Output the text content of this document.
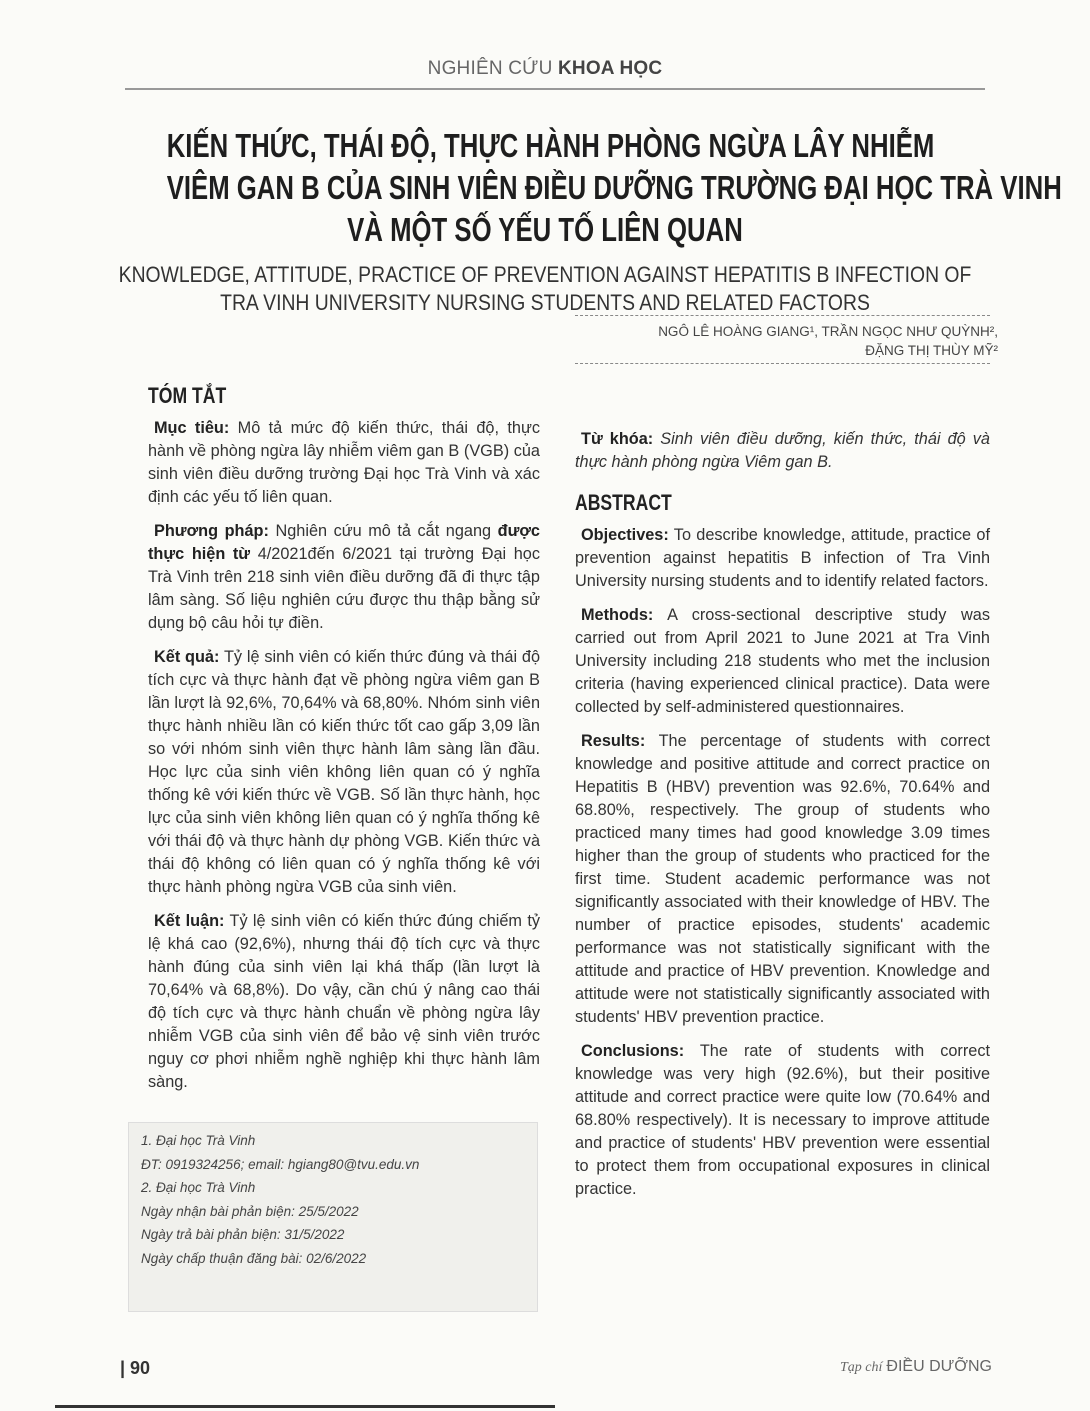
NGHIÊN CỨU KHOA HỌC
KIẾN THỨC, THÁI ĐỘ, THỰC HÀNH PHÒNG NGỪA LÂY NHIỄM
VIÊM GAN B CỦA SINH VIÊN ĐIỀU DƯỠNG TRƯỜNG ĐẠI HỌC TRÀ VINH
VÀ MỘT SỐ YẾU TỐ LIÊN QUAN
KNOWLEDGE, ATTITUDE, PRACTICE OF PREVENTION AGAINST HEPATITIS B INFECTION OF
TRA VINH UNIVERSITY NURSING STUDENTS AND RELATED FACTORS
NGÔ LÊ HOÀNG GIANG¹, TRẦN NGỌC NHƯ QUỲNH²,
ĐẶNG THỊ THÙY MỸ²
TÓM TẮT

Mục tiêu: Mô tả mức độ kiến thức, thái độ, thực hành về phòng ngừa lây nhiễm viêm gan B (VGB) của sinh viên điều dưỡng trường Đại học Trà Vinh và xác định các yếu tố liên quan.

Phương pháp: Nghiên cứu mô tả cắt ngang được thực hiện từ 4/2021đến 6/2021 tại trường Đại học Trà Vinh trên 218 sinh viên điều dưỡng đã đi thực tập lâm sàng. Số liệu nghiên cứu được thu thập bằng sử dụng bộ câu hỏi tự điền.

Kết quả: Tỷ lệ sinh viên có kiến thức đúng và thái độ tích cực và thực hành đạt về phòng ngừa viêm gan B lần lượt là 92,6%, 70,64% và 68,80%. Nhóm sinh viên thực hành nhiều lần có kiến thức tốt cao gấp 3,09 lần so với nhóm sinh viên thực hành lâm sàng lần đầu. Học lực của sinh viên không liên quan có ý nghĩa thống kê với kiến thức về VGB. Số lần thực hành, học lực của sinh viên không liên quan có ý nghĩa thống kê với thái độ và thực hành dự phòng VGB. Kiến thức và thái độ không có liên quan có ý nghĩa thống kê với thực hành phòng ngừa VGB của sinh viên.

Kết luận: Tỷ lệ sinh viên có kiến thức đúng chiếm tỷ lệ khá cao (92,6%), nhưng thái độ tích cực và thực hành đúng của sinh viên lại khá thấp (lần lượt là 70,64% và 68,8%). Do vậy, cần chú ý nâng cao thái độ tích cực và thực hành chuẩn về phòng ngừa lây nhiễm VGB của sinh viên để bảo vệ sinh viên trước nguy cơ phơi nhiễm nghề nghiệp khi thực hành lâm sàng.

1. Đại học Trà Vinh
ĐT: 0919324256; email: hgiang80@tvu.edu.vn
2. Đại học Trà Vinh
Ngày nhận bài phản biện: 25/5/2022
Ngày trả bài phản biện: 31/5/2022
Ngày chấp thuận đăng bài: 02/6/2022

Từ khóa: Sinh viên điều dưỡng, kiến thức, thái độ và thực hành phòng ngừa Viêm gan B.

ABSTRACT

Objectives: To describe knowledge, attitude, practice of prevention against hepatitis B infection of Tra Vinh University nursing students and to identify related factors.

Methods: A cross-sectional descriptive study was carried out from April 2021 to June 2021 at Tra Vinh University including 218 students who met the inclusion criteria (having experienced clinical practice). Data were collected by self-administered questionnaires.

Results: The percentage of students with correct knowledge and positive attitude and correct practice on Hepatitis B (HBV) prevention was 92.6%, 70.64% and 68.80%, respectively. The group of students who practiced many times had good knowledge 3.09 times higher than the group of students who practiced for the first time. Student academic performance was not significantly associated with their knowledge of HBV. The number of practice episodes, students' academic performance was not statistically significant with the attitude and practice of HBV prevention. Knowledge and attitude were not statistically significantly associated with students' HBV prevention practice.

Conclusions: The rate of students with correct knowledge was very high (92.6%), but their positive attitude and correct practice were quite low (70.64% and 68.80% respectively). It is necessary to improve attitude and practice of students' HBV prevention were essential to protect them from occupational exposures in clinical practice.

| 90	Tạp chí ĐIỀU DƯỠNG
